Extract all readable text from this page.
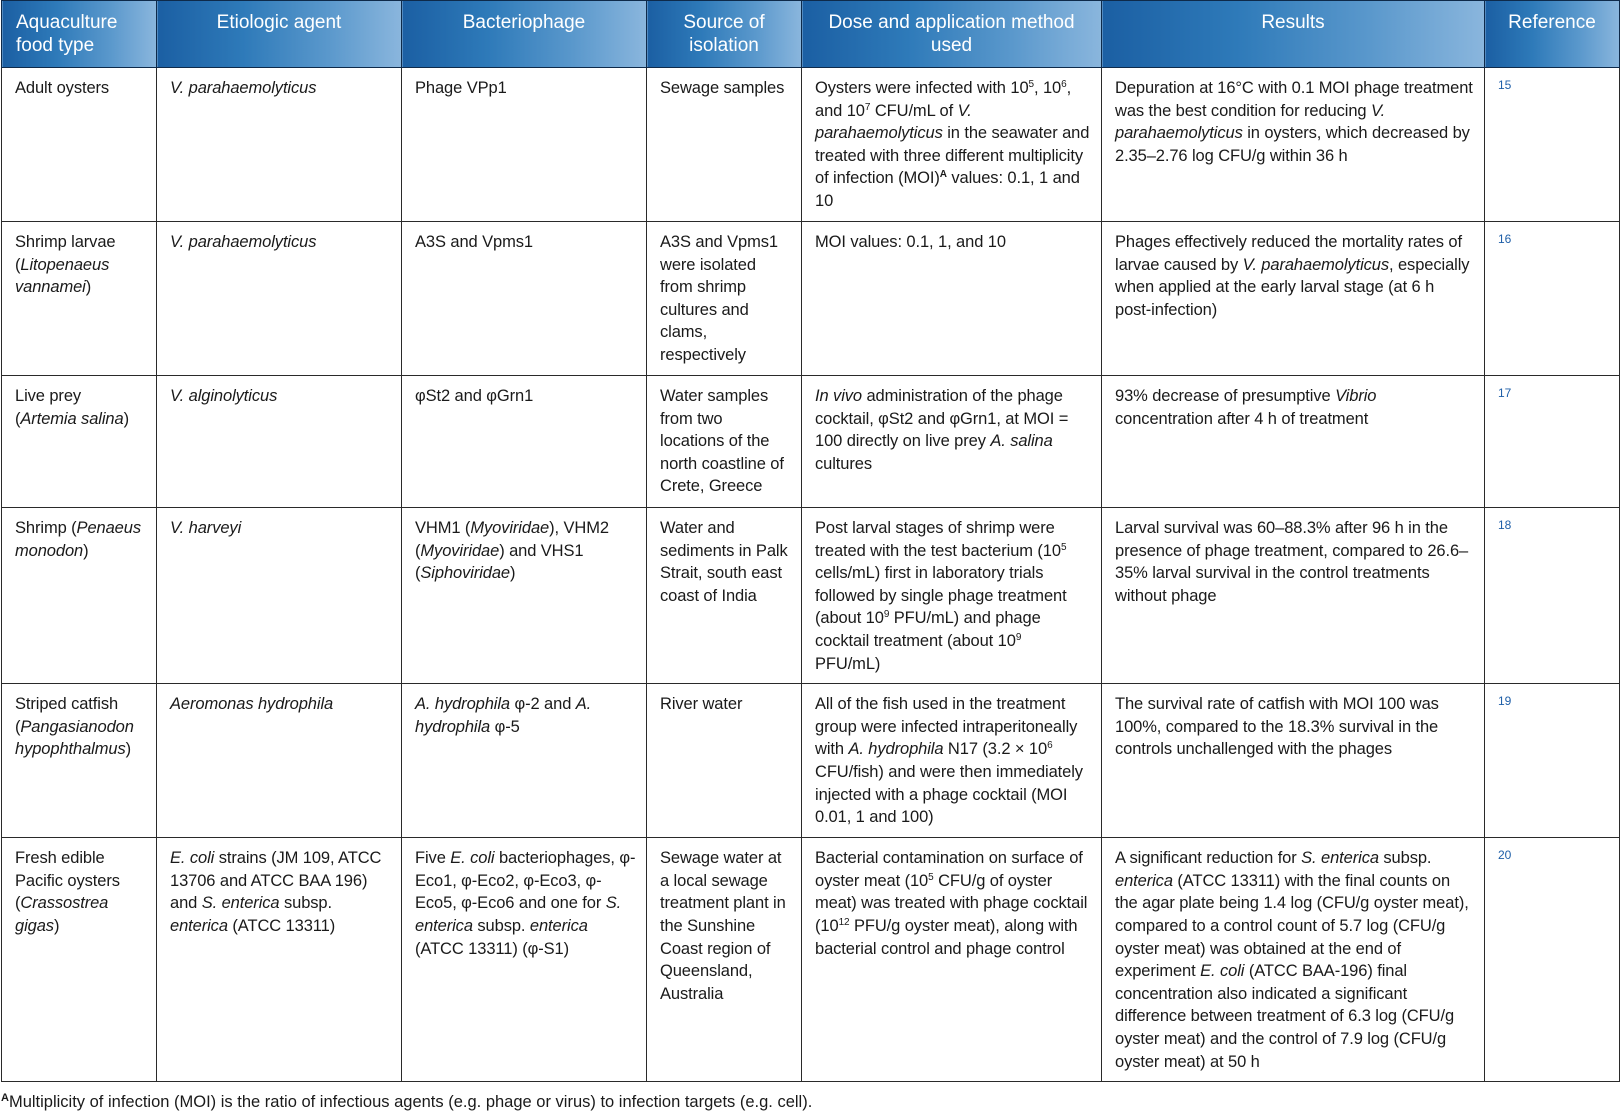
Aquaculture food type	Etiologic agent	Bacteriophage	Source of isolation	Dose and application method used	Results	Reference
Adult oysters	V. parahaemolyticus	Phage VPp1	Sewage samples	Oysters were infected with $10^5$, $10^6$, and $10^7$ CFU/mL of V. parahaemolyticus in the seawater and treated with three different multiplicity of infection (MOI)$^A$ values: 0.1, 1 and 10	Depuration at 16°C with 0.1 MOI phage treatment was the best condition for reducing V. parahaemolyticus in oysters, which decreased by 2.35–2.76 log CFU/g within 36 h	15
Shrimp larvae (Litopenaeus vannamei)	V. parahaemolyticus	A3S and Vpms1	A3S and Vpms1 were isolated from shrimp cultures and clams, respectively	MOI values: 0.1, 1, and 10	Phages effectively reduced the mortality rates of larvae caused by V. parahaemolyticus, especially when applied at the early larval stage (at 6 h post-infection)	16
Live prey (Artemia salina)	V. alginolyticus	φSt2 and φGrn1	Water samples from two locations of the north coastline of Crete, Greece	In vivo administration of the phage cocktail, φSt2 and φGrn1, at MOI = 100 directly on live prey A. salina cultures	93% decrease of presumptive Vibrio concentration after 4 h of treatment	17
Shrimp (Penaeus monodon)	V. harveyi	VHM1 (Myoviridae), VHM2 (Myoviridae) and VHS1 (Siphoviridae)	Water and sediments in Palk Strait, south east coast of India	Post larval stages of shrimp were treated with the test bacterium ($10^5$ cells/mL) first in laboratory trials followed by single phage treatment (about $10^9$ PFU/mL) and phage cocktail treatment (about $10^9$ PFU/mL)	Larval survival was 60–88.3% after 96 h in the presence of phage treatment, compared to 26.6–35% larval survival in the control treatments without phage	18
Striped catfish (Pangasianodon hypophthalmus)	Aeromonas hydrophila	A. hydrophila φ-2 and A. hydrophila φ-5	River water	All of the fish used in the treatment group were infected intraperitoneally with A. hydrophila N17 ($3.2 \times 10^6$ CFU/fish) and were then immediately injected with a phage cocktail (MOI 0.01, 1 and 100)	The survival rate of catfish with MOI 100 was 100%, compared to the 18.3% survival in the controls unchallenged with the phages	19
Fresh edible Pacific oysters (Crassostrea gigas)	E. coli strains (JM 109, ATCC 13706 and ATCC BAA 196) and S. enterica subsp. enterica (ATCC 13311)	Five E. coli bacteriophages, φ-Eco1, φ-Eco2, φ-Eco3, φ-Eco5, φ-Eco6 and one for S. enterica subsp. enterica (ATCC 13311) (φ-S1)	Sewage water at a local sewage treatment plant in the Sunshine Coast region of Queensland, Australia	Bacterial contamination on surface of oyster meat ($10^5$ CFU/g of oyster meat) was treated with phage cocktail ($10^{12}$ PFU/g oyster meat), along with bacterial control and phage control	A significant reduction for S. enterica subsp. enterica (ATCC 13311) with the final counts on the agar plate being 1.4 log (CFU/g oyster meat), compared to a control count of 5.7 log (CFU/g oyster meat) was obtained at the end of experiment E. coli (ATCC BAA-196) final concentration also indicated a significant difference between treatment of 6.3 log (CFU/g oyster meat) and the control of 7.9 log (CFU/g oyster meat) at 50 h	20
$^A$Multiplicity of infection (MOI) is the ratio of infectious agents (e.g. phage or virus) to infection targets (e.g. cell).
